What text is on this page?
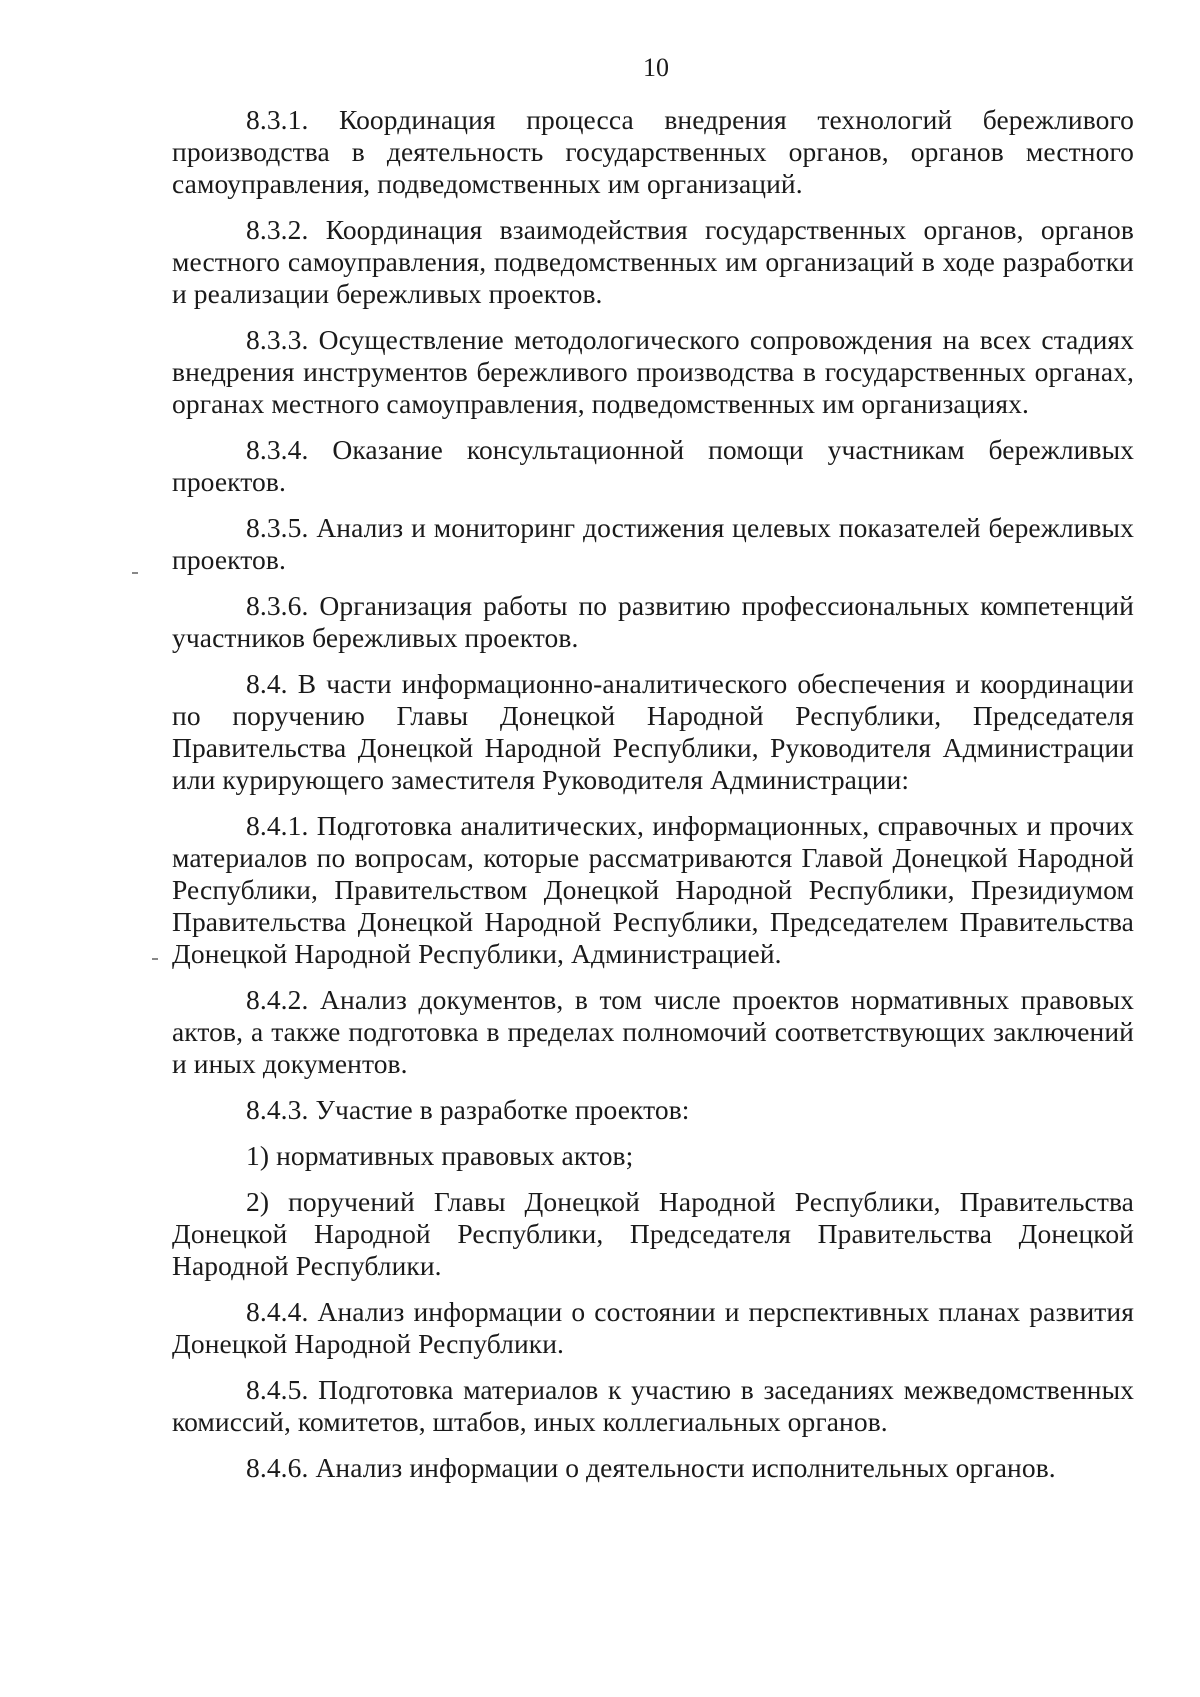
10

8.3.1. Координация процесса внедрения технологий бережливого производства в деятельность государственных органов, органов местного самоуправления, подведомственных им организаций.

8.3.2. Координация взаимодействия государственных органов, органов местного самоуправления, подведомственных им организаций в ходе разработки и реализации бережливых проектов.

8.3.3. Осуществление методологического сопровождения на всех стадиях внедрения инструментов бережливого производства в государственных органах, органах местного самоуправления, подведомственных им организациях.

8.3.4. Оказание консультационной помощи участникам бережливых проектов.

8.3.5. Анализ и мониторинг достижения целевых показателей бережливых проектов.

8.3.6. Организация работы по развитию профессиональных компетенций участников бережливых проектов.

8.4. В части информационно-аналитического обеспечения и координации по поручению Главы Донецкой Народной Республики, Председателя Правительства Донецкой Народной Республики, Руководителя Администрации или курирующего заместителя Руководителя Администрации:

8.4.1. Подготовка аналитических, информационных, справочных и прочих материалов по вопросам, которые рассматриваются Главой Донецкой Народной Республики, Правительством Донецкой Народной Республики, Президиумом Правительства Донецкой Народной Республики, Председателем Правительства Донецкой Народной Республики, Администрацией.

8.4.2. Анализ документов, в том числе проектов нормативных правовых актов, а также подготовка в пределах полномочий соответствующих заключений и иных документов.

8.4.3. Участие в разработке проектов:

1) нормативных правовых актов;

2) поручений Главы Донецкой Народной Республики, Правительства Донецкой Народной Республики, Председателя Правительства Донецкой Народной Республики.

8.4.4. Анализ информации о состоянии и перспективных планах развития Донецкой Народной Республики.

8.4.5. Подготовка материалов к участию в заседаниях межведомственных комиссий, комитетов, штабов, иных коллегиальных органов.

8.4.6. Анализ информации о деятельности исполнительных органов.
